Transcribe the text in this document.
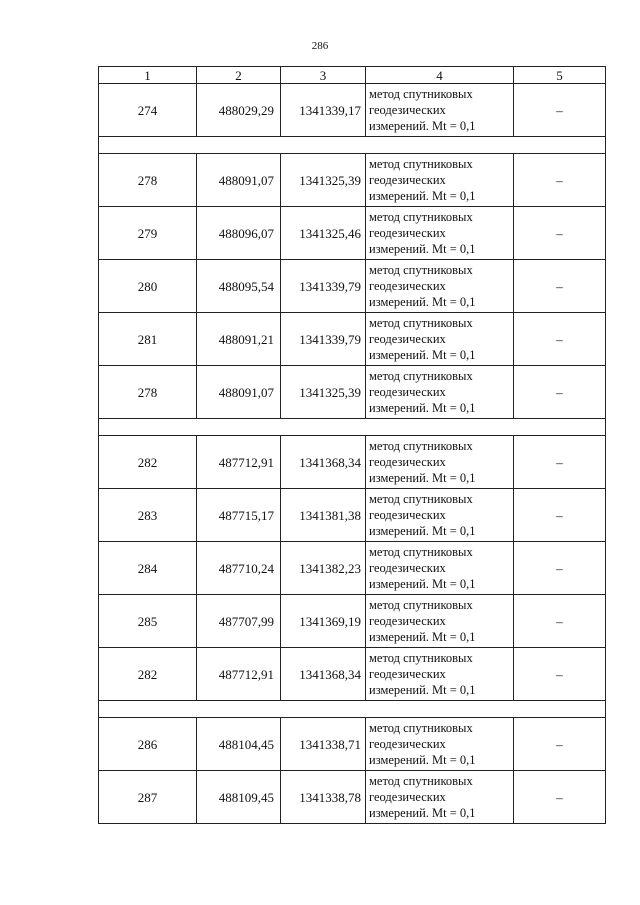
286
1	2	3	4	5
274	488029,29 1341339,17
метод спутниковых
геодезических
измерений. Mt = 0,1
–
278	488091,07 1341325,39
метод спутниковых
геодезических
измерений. Mt = 0,1
–
279	488096,07 1341325,46
метод спутниковых
геодезических
измерений. Mt = 0,1
–
280	488095,54 1341339,79
метод спутниковых
геодезических
измерений. Mt = 0,1
–
281	488091,21 1341339,79
метод спутниковых
геодезических
измерений. Mt = 0,1
–
278	488091,07 1341325,39
метод спутниковых
геодезических
измерений. Mt = 0,1
–
282	487712,91 1341368,34
метод спутниковых
геодезических
измерений. Mt = 0,1
–
283	487715,17 1341381,38
метод спутниковых
геодезических
измерений. Mt = 0,1
–
284	487710,24 1341382,23
метод спутниковых
геодезических
измерений. Mt = 0,1
–
285	487707,99 1341369,19
метод спутниковых
геодезических
измерений. Mt = 0,1
–
282	487712,91 1341368,34
метод спутниковых
геодезических
измерений. Mt = 0,1
–
286	488104,45 1341338,71
метод спутниковых
геодезических
измерений. Mt = 0,1
–
287	488109,45 1341338,78
метод спутниковых
геодезических
измерений. Mt = 0,1
–
